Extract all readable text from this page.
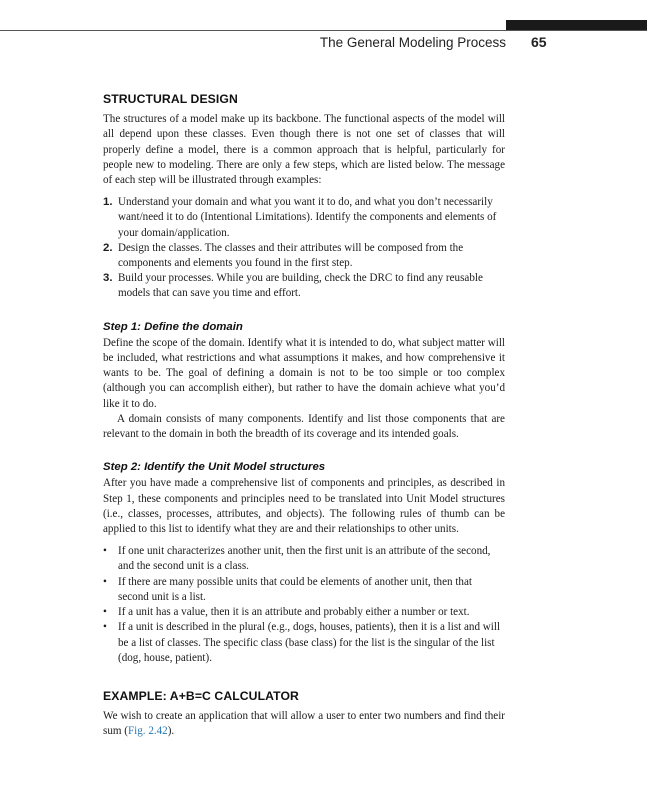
The General Modeling Process 65
STRUCTURAL DESIGN

The structures of a model make up its backbone. The functional aspects of the model will all depend upon these classes. Even though there is not one set of classes that will properly define a model, there is a common approach that is helpful, particularly for people new to modeling. There are only a few steps, which are listed below. The message of each step will be illustrated through examples:

1. Understand your domain and what you want it to do, and what you don’t necessarily want/need it to do (Intentional Limitations). Identify the components and elements of your domain/application.
2. Design the classes. The classes and their attributes will be composed from the components and elements you found in the first step.
3. Build your processes. While you are building, check the DRC to find any reusable models that can save you time and effort.
Step 1: Define the domain

Define the scope of the domain. Identify what it is intended to do, what subject matter will be included, what restrictions and what assumptions it makes, and how comprehensive it wants to be. The goal of defining a domain is not to be too simple or too complex (although you can accomplish either), but rather to have the domain achieve what you’d like it to do.

A domain consists of many components. Identify and list those components that are relevant to the domain in both the breadth of its coverage and its intended goals.

Step 2: Identify the Unit Model structures

After you have made a comprehensive list of components and principles, as described in Step 1, these components and principles need to be translated into Unit Model structures (i.e., classes, processes, attributes, and objects). The following rules of thumb can be applied to this list to identify what they are and their relationships to other units.

• If one unit characterizes another unit, then the first unit is an attribute of the second, and the second unit is a class.
• If there are many possible units that could be elements of another unit, then that second unit is a list.
• If a unit has a value, then it is an attribute and probably either a number or text.
• If a unit is described in the plural (e.g., dogs, houses, patients), then it is a list and will be a list of classes. The specific class (base class) for the list is the singular of the list (dog, house, patient).
EXAMPLE: A+B=C CALCULATOR

We wish to create an application that will allow a user to enter two numbers and find their sum (Fig. 2.42).
